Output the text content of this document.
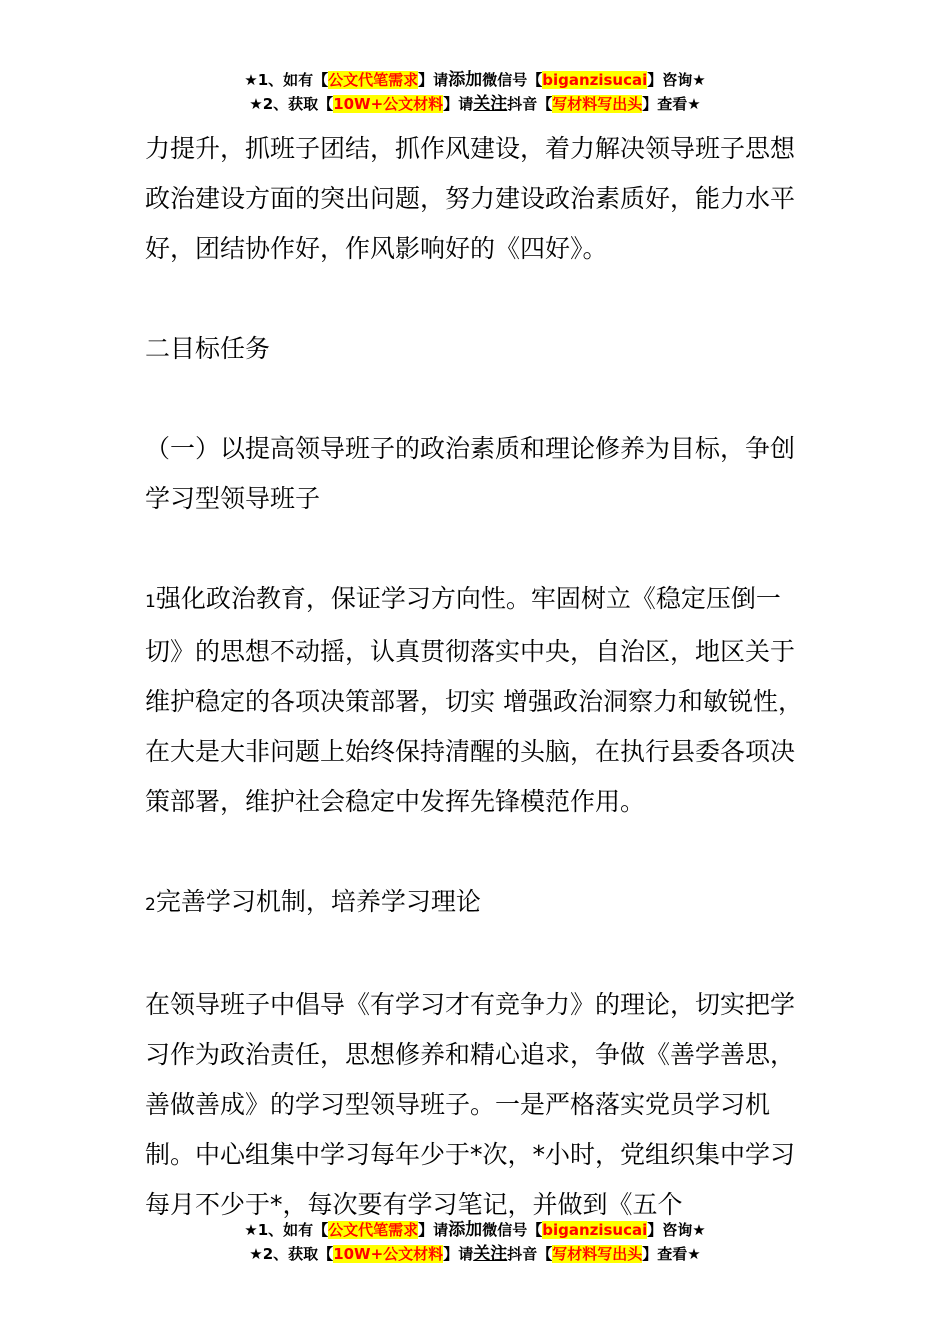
★1、如有【公文代笔需求】请添加微信号【biganzisucai】咨询★
★2、获取【10W+公文材料】请关注抖音【写材料写出头】查看★

力提升，抓班子团结，抓作风建设，着力解决领导班子思想政治建设方面的突出问题，努力建设政治素质好，能力水平好，团结协作好，作风影响好的《四好》。

二目标任务

（一）以提高领导班子的政治素质和理论修养为目标，争创学习型领导班子

1强化政治教育，保证学习方向性。牢固树立《稳定压倒一切》的思想不动摇，认真贯彻落实中央，自治区，地区关于维护稳定的各项决策部署，切实 增强政治洞察力和敏锐性，在大是大非问题上始终保持清醒的头脑，在执行县委各项决策部署，维护社会稳定中发挥先锋模范作用。

2完善学习机制，培养学习理论

在领导班子中倡导《有学习才有竞争力》的理论，切实把学习作为政治责任，思想修养和精心追求，争做《善学善思，善做善成》的学习型领导班子。一是严格落实党员学习机制。中心组集中学习每年少于*次，*小时，党组织集中学习每月不少于*，每次要有学习笔记，并做到《五个

★1、如有【公文代笔需求】请添加微信号【biganzisucai】咨询★
★2、获取【10W+公文材料】请关注抖音【写材料写出头】查看★
